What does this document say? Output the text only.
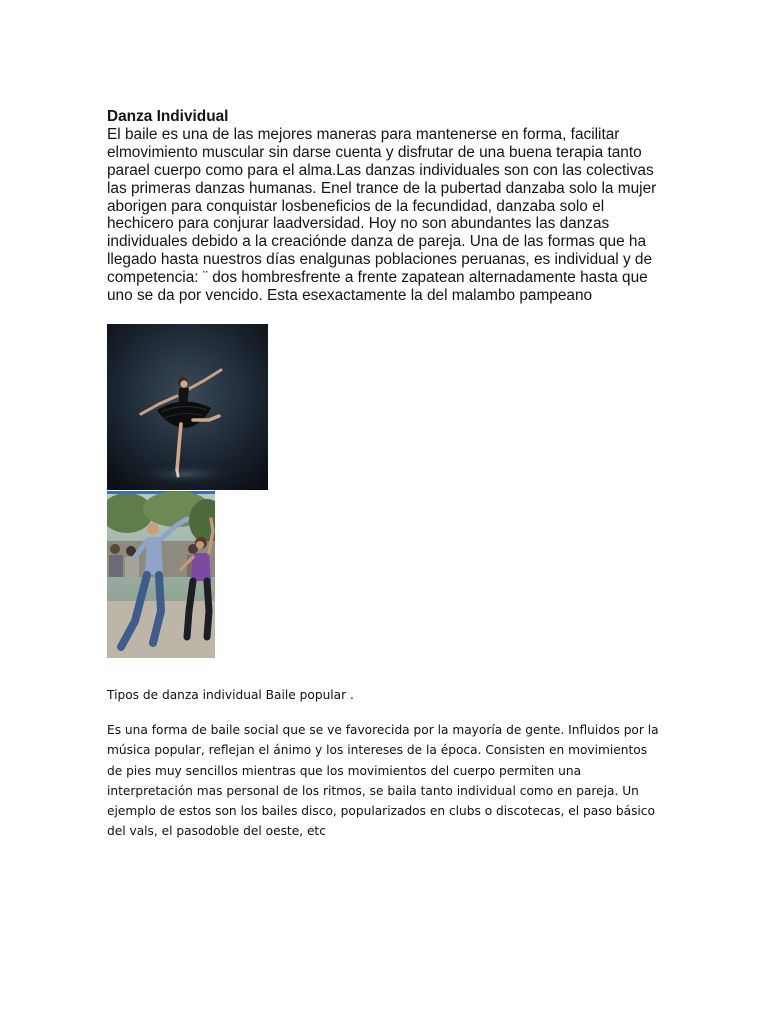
Danza Individual
El baile es una de las mejores maneras para mantenerse en forma, facilitar
elmovimiento muscular sin darse cuenta y disfrutar de una buena terapia tanto
parael cuerpo como para el alma.Las danzas individuales son con las colectivas
las primeras danzas humanas. Enel trance de la pubertad danzaba solo la mujer
aborigen para conquistar losbeneficios de la fecundidad, danzaba solo el
hechicero para conjurar laadversidad. Hoy no son abundantes las danzas
individuales debido a la creaciónde danza de pareja. Una de las formas que ha
llegado hasta nuestros días enalgunas poblaciones peruanas, es individual y de
competencia: ¨ dos hombresfrente a frente zapatean alternadamente hasta que
uno se da por vencido. Esta esexactamente la del malambo pampeano
Tipos de danza individual Baile popular .
Es una forma de baile social que se ve favorecida por la mayoría de gente. Influidos por la
música popular, reflejan el ánimo y los intereses de la época. Consisten en movimientos
de pies muy sencillos mientras que los movimientos del cuerpo permiten una
interpretación mas personal de los ritmos, se baila tanto individual como en pareja. Un
ejemplo de estos son los bailes disco, popularizados en clubs o discotecas, el paso básico
del vals, el pasodoble del oeste, etc
